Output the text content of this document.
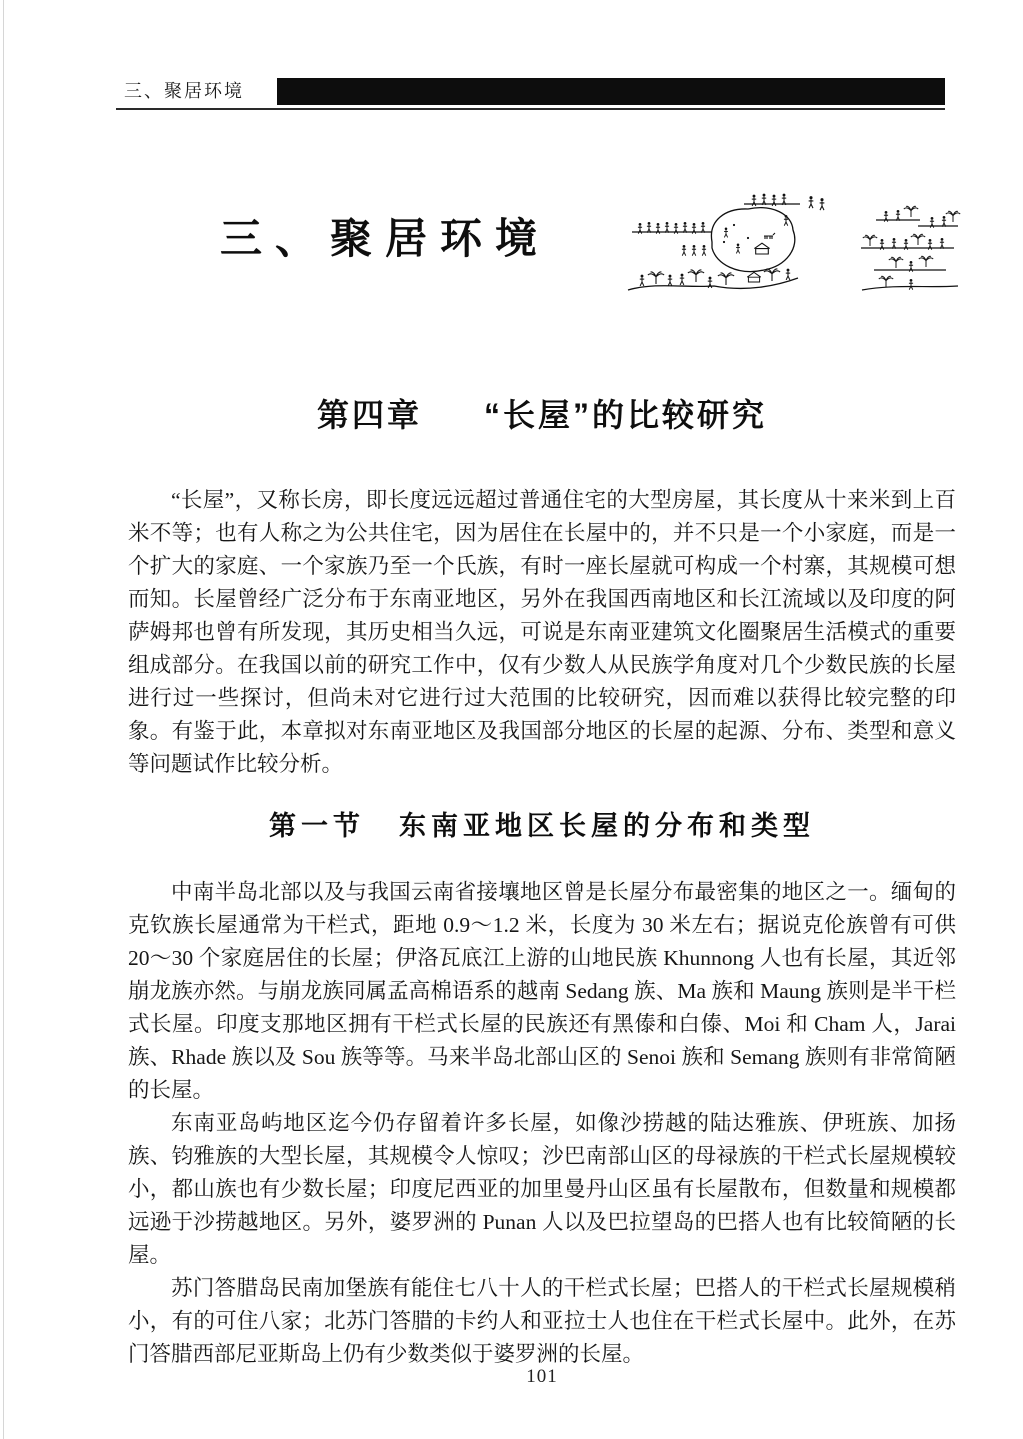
三、聚居环境
三、聚居环境
第四章 “长屋”的比较研究

“长屋”，又称长房，即长度远远超过普通住宅的大型房屋，其长度从十来米到上百米不等；也有人称之为公共住宅，因为居住在长屋中的，并不只是一个小家庭，而是一个扩大的家庭、一个家族乃至一个氏族，有时一座长屋就可构成一个村寨，其规模可想而知。长屋曾经广泛分布于东南亚地区，另外在我国西南地区和长江流域以及印度的阿萨姆邦也曾有所发现，其历史相当久远，可说是东南亚建筑文化圈聚居生活模式的重要组成部分。在我国以前的研究工作中，仅有少数人从民族学角度对几个少数民族的长屋进行过一些探讨，但尚未对它进行过大范围的比较研究，因而难以获得比较完整的印象。有鉴于此，本章拟对东南亚地区及我国部分地区的长屋的起源、分布、类型和意义等问题试作比较分析。

第一节 东南亚地区长屋的分布和类型

中南半岛北部以及与我国云南省接壤地区曾是长屋分布最密集的地区之一。缅甸的克钦族长屋通常为干栏式，距地 0.9～1.2 米，长度为 30 米左右；据说克伦族曾有可供 20～30 个家庭居住的长屋；伊洛瓦底江上游的山地民族 Khunnong 人也有长屋，其近邻崩龙族亦然。与崩龙族同属孟高棉语系的越南 Sedang 族、Ma 族和 Maung 族则是半干栏式长屋。印度支那地区拥有干栏式长屋的民族还有黑傣和白傣、Moi 和 Cham 人，Jarai 族、Rhade 族以及 Sou 族等等。马来半岛北部山区的 Senoi 族和 Semang 族则有非常简陋的长屋。

东南亚岛屿地区迄今仍存留着许多长屋，如像沙捞越的陆达雅族、伊班族、加扬族、钧雅族的大型长屋，其规模令人惊叹；沙巴南部山区的母禄族的干栏式长屋规模较小，都山族也有少数长屋；印度尼西亚的加里曼丹山区虽有长屋散布，但数量和规模都远逊于沙捞越地区。另外，婆罗洲的 Punan 人以及巴拉望岛的巴搭人也有比较简陋的长屋。

苏门答腊岛民南加堡族有能住七八十人的干栏式长屋；巴搭人的干栏式长屋规模稍小，有的可住八家；北苏门答腊的卡约人和亚拉士人也住在干栏式长屋中。此外，在苏门答腊西部尼亚斯岛上仍有少数类似于婆罗洲的长屋。

101
